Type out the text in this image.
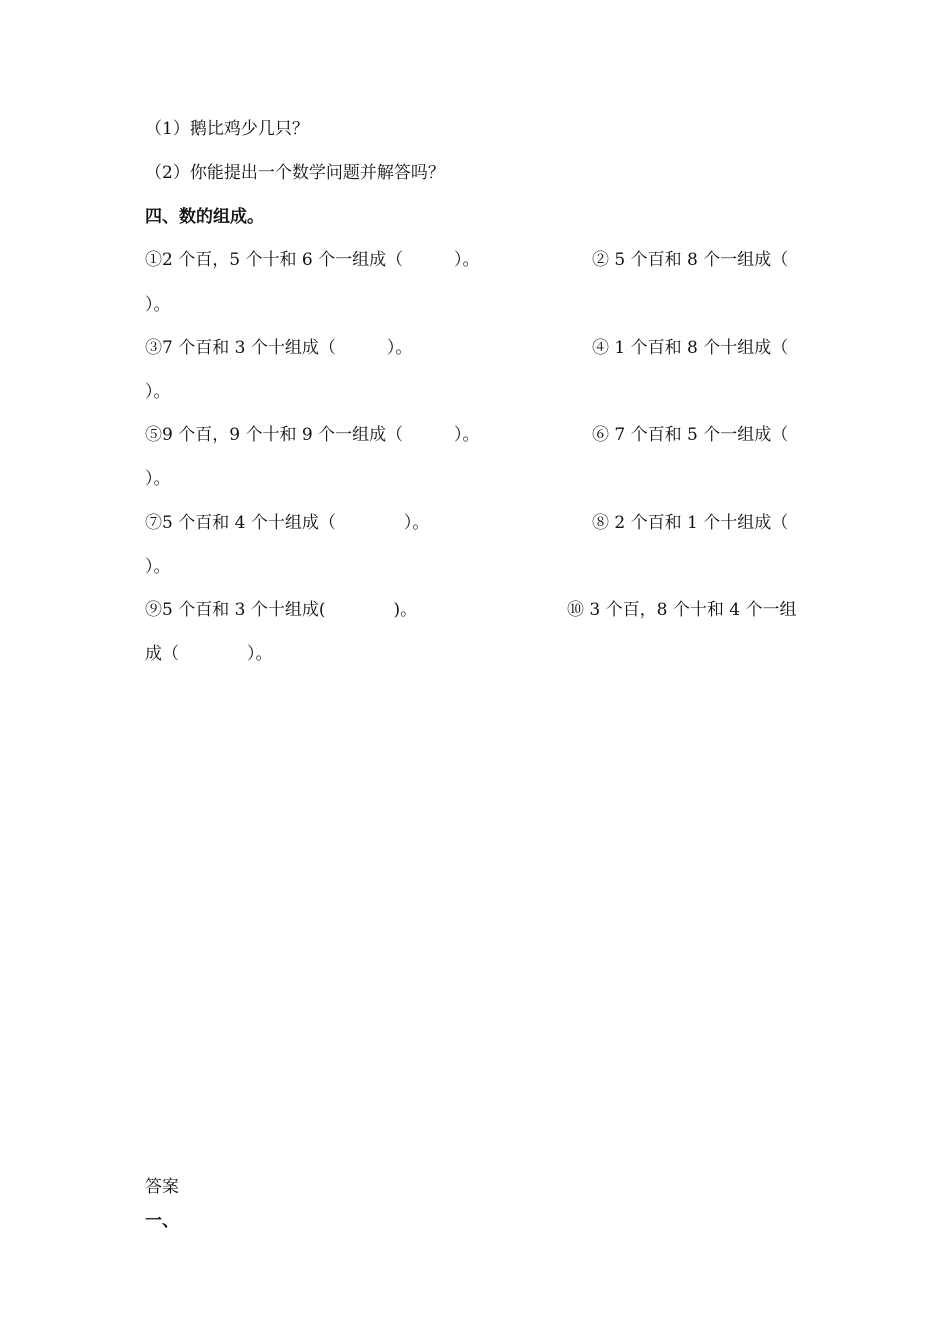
（1）鹅比鸡少几只？
（2）你能提出一个数学问题并解答吗？
四、数的组成。
①2 个百，5 个十和 6 个一组成（　　　）。	② 5 个百和 8 个一组成（
）。
③7 个百和 3 个十组成（　　　）。	④ 1 个百和 8 个十组成（
）。
⑤9 个百，9 个十和 9 个一组成（　　　）。	⑥ 7 个百和 5 个一组成（
）。
⑦5 个百和 4 个十组成（　　　　）。	⑧ 2 个百和 1 个十组成（
）。
⑨5 个百和 3 个十组成(　　　　)。	⑩ 3 个百，8 个十和 4 个一组
成（　　　　）。
答案
一、
